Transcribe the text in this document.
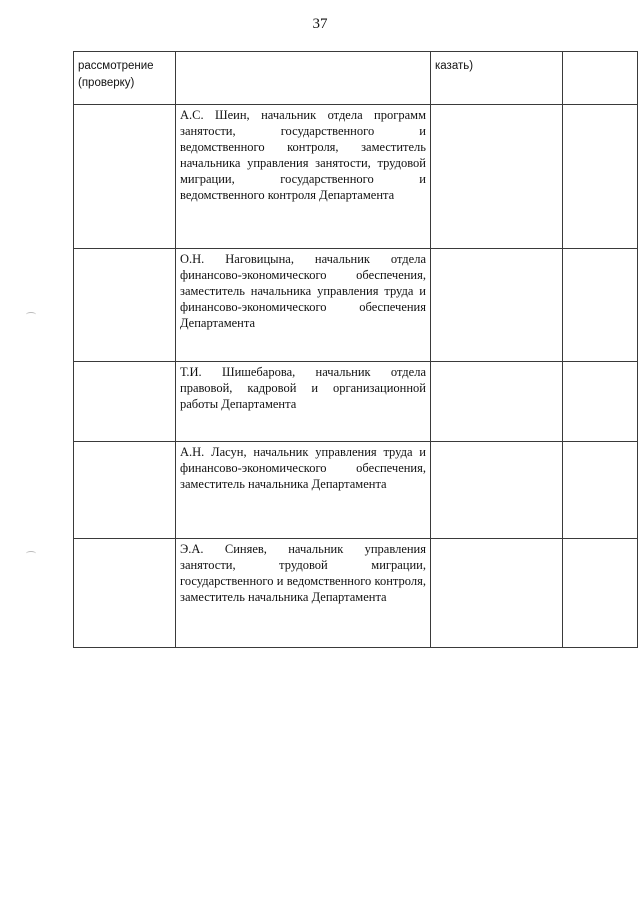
37
рассмотрение (проверку)		казать)	
	А.С. Шеин, начальник отдела программ занятости, государственного и ведомственного контроля, заместитель начальника управления занятости, трудовой миграции, государственного и ведомственного контроля Департамента		
	О.Н. Наговицына, начальник отдела финансово-экономического обеспечения, заместитель начальника управления труда и финансово-экономического обеспечения Департамента		
	Т.И. Шишебарова, начальник отдела правовой, кадровой и организационной работы Департамента		
	А.Н. Ласун, начальник управления труда и финансово-экономического обеспечения, заместитель начальника Департамента		
	Э.А. Синяев, начальник управления занятости, трудовой миграции, государственного и ведомственного контроля, заместитель начальника Департамента		
